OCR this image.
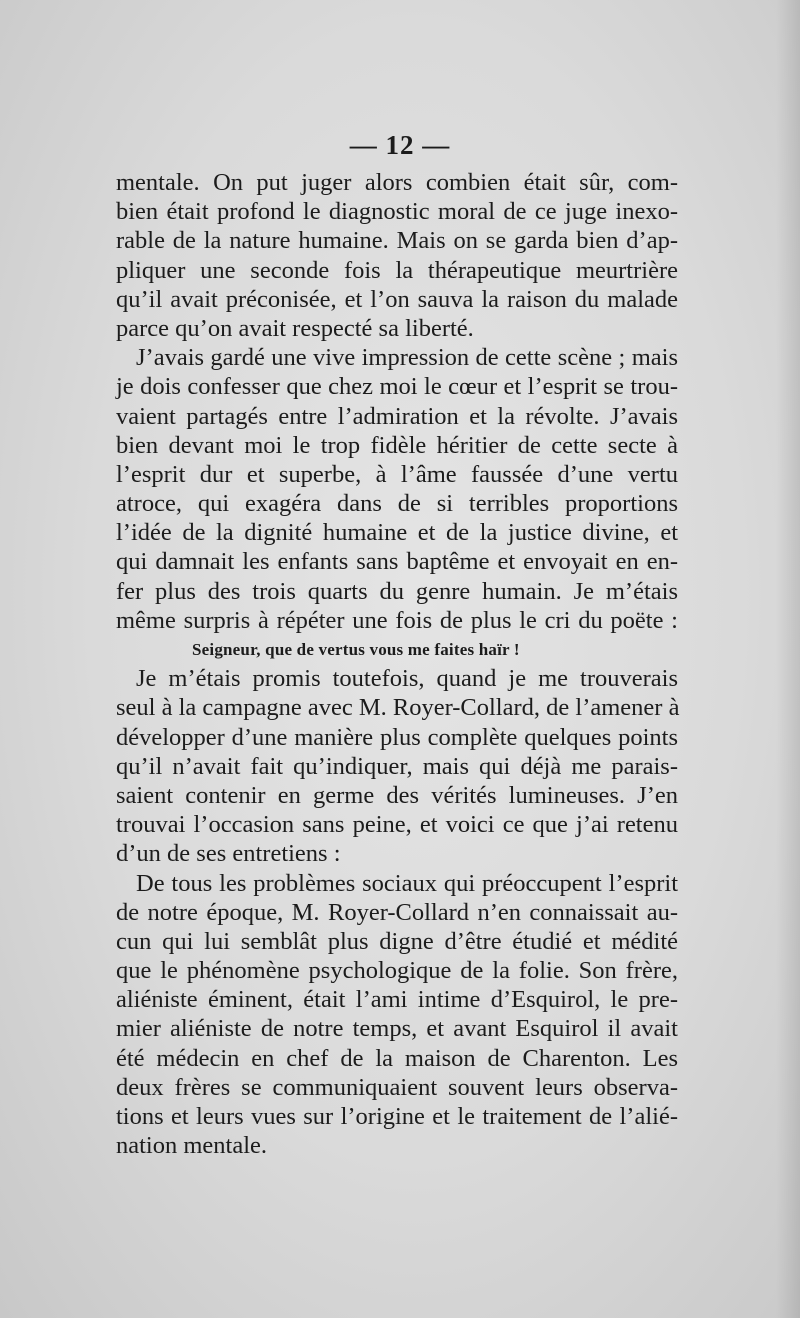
— 12 —
mentale. On put juger alors combien était sûr, com-
bien était profond le diagnostic moral de ce juge inexo-
rable de la nature humaine. Mais on se garda bien d’ap-
pliquer une seconde fois la thérapeutique meurtrière
qu’il avait préconisée, et l’on sauva la raison du malade
parce qu’on avait respecté sa liberté.
J’avais gardé une vive impression de cette scène ; mais
je dois confesser que chez moi le cœur et l’esprit se trou-
vaient partagés entre l’admiration et la révolte. J’avais
bien devant moi le trop fidèle héritier de cette secte à
l’esprit dur et superbe, à l’âme faussée d’une vertu
atroce, qui exagéra dans de si terribles proportions
l’idée de la dignité humaine et de la justice divine, et
qui damnait les enfants sans baptême et envoyait en en-
fer plus des trois quarts du genre humain. Je m’étais
même surpris à répéter une fois de plus le cri du poëte :
Seigneur, que de vertus vous me faites haïr !
Je m’étais promis toutefois, quand je me trouverais
seul à la campagne avec M. Royer-Collard, de l’amener à
développer d’une manière plus complète quelques points
qu’il n’avait fait qu’indiquer, mais qui déjà me parais-
saient contenir en germe des vérités lumineuses. J’en
trouvai l’occasion sans peine, et voici ce que j’ai retenu
d’un de ses entretiens :
De tous les problèmes sociaux qui préoccupent l’esprit
de notre époque, M. Royer-Collard n’en connaissait au-
cun qui lui semblât plus digne d’être étudié et médité
que le phénomène psychologique de la folie. Son frère,
aliéniste éminent, était l’ami intime d’Esquirol, le pre-
mier aliéniste de notre temps, et avant Esquirol il avait
été médecin en chef de la maison de Charenton. Les
deux frères se communiquaient souvent leurs observa-
tions et leurs vues sur l’origine et le traitement de l’alié-
nation mentale.
